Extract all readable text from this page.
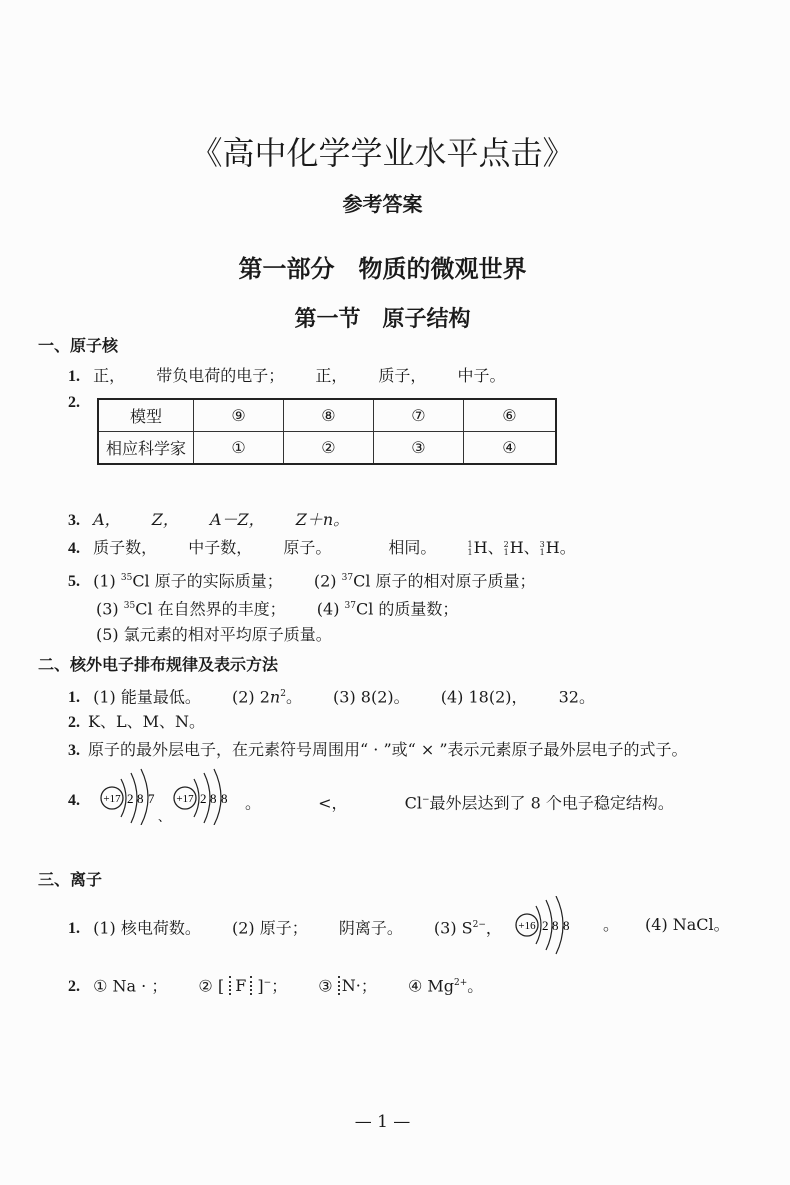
《高中化学学业水平点击》
参考答案
第一部分　物质的微观世界
第一节　原子结构
一、原子核
1. 正， 带负电荷的电子； 正， 质子， 中子。
2.
模型	⑨	⑧	⑦	⑥
相应科学家	①	②	③	④
3. A， Z， A－Z， Z＋n。
4. 质子数， 中子数， 原子。	相同。	1
1 H、 2
1 H、 3
1 H。
5. (1) $^{35}$Cl 原子的实际质量； (2) $^{37}$Cl 原子的相对原子质量；
(3) $^{35}$Cl 在自然界的丰度； (4) $^{37}$Cl 的质量数；
(5) 氯元素的相对平均原子质量。
二、核外电子排布规律及表示方法
1. (1) 能量最低。 (2) $2n^2$。 (3) 8(2)。 (4) 18(2)， 32。
2. K、L、M、N。
3. 原子的最外层电子，在元素符号周围用“ · ”或“ × ”表示元素原子最外层电子的式子。
4.	+17 2 8 7
、
+17 2 8 8 。	<，	Cl−最外层达到了 8 个电子稳定结构。
三、离子
1. (1) 核电荷数。 (2) 原子； 阴离子。 (3) $S^{2-}$， +16 2 8 8 。 (4) NaCl。
2. ① Na · ； ② [ F ]−； ③ N·； ④ $Mg^{2+}$。
— 1 —
